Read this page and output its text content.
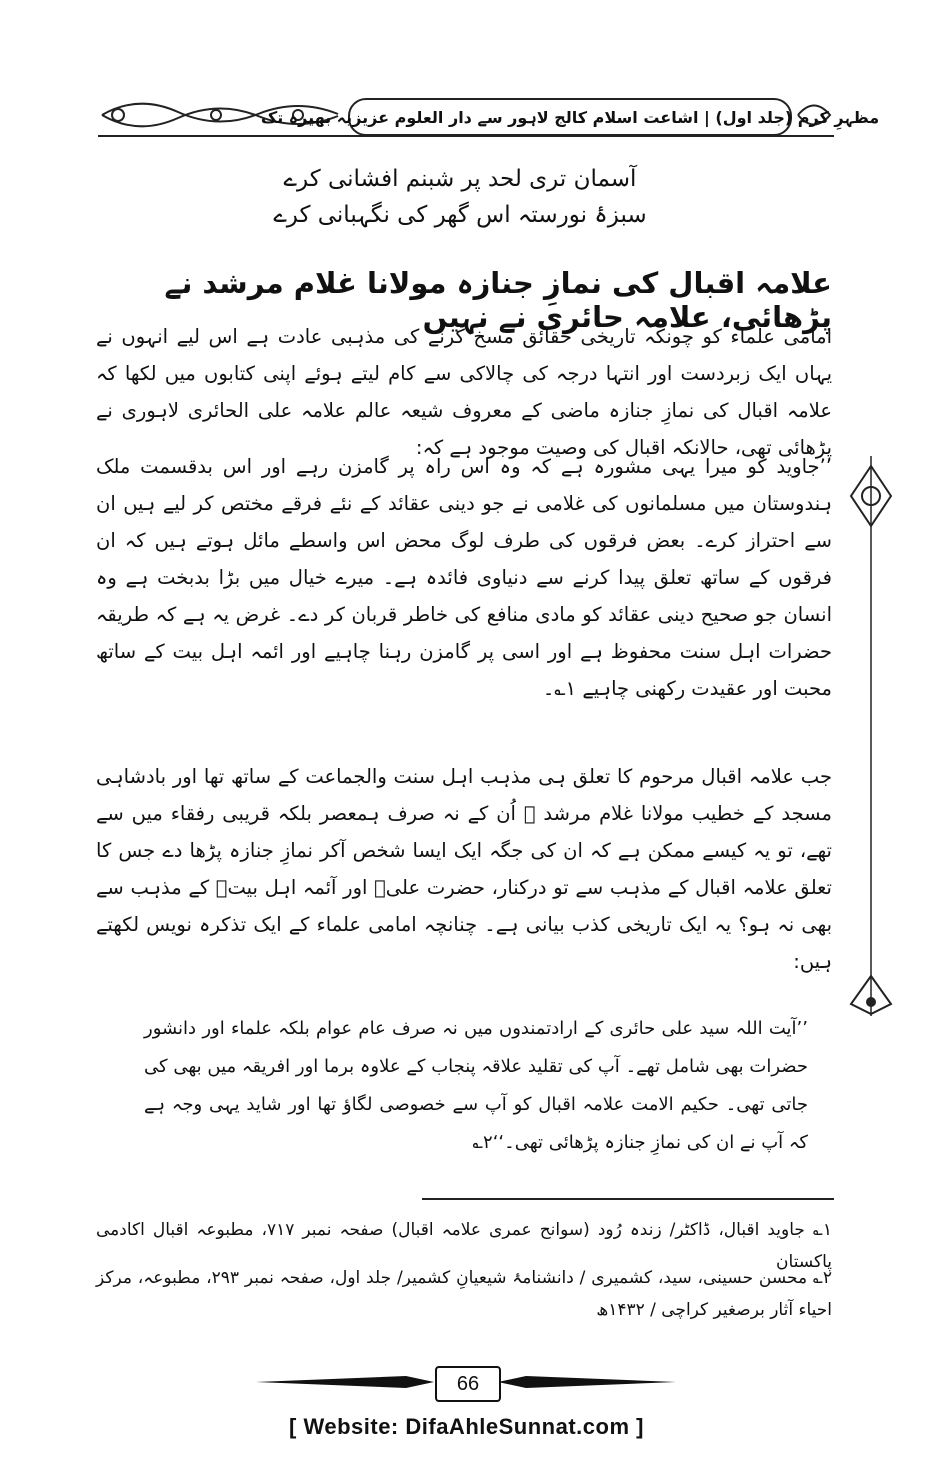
مظہرِ کرم (جلد اول) | اشاعت اسلام کالج لاہور سے دار العلوم عزیزیہ بھیرہ تک
آسمان تری لحد پر شبنم افشانی کرے
سبزۂ نورستہ اس گھر کی نگہبانی کرے
علامہ اقبال کی نمازِ جنازہ مولانا غلام مرشد نے پڑھائی، علامہ حائری نے نہیں
امامی علماء کو چونکہ تاریخی حقائق مسخ کرنے کی مذہبی عادت ہے اس لیے انہوں نے یہاں ایک زبردست اور انتہا درجہ کی چالاکی سے کام لیتے ہوئے اپنی کتابوں میں لکھا کہ علامہ اقبال کی نمازِ جنازہ ماضی کے معروف شیعہ عالم علامہ علی الحائری لاہوری نے پڑھائی تھی، حالانکہ اقبال کی وصیت موجود ہے کہ:
’’جاوید کو میرا یہی مشورہ ہے کہ وہ اس راہ پر گامزن رہے اور اس بدقسمت ملک ہندوستان میں مسلمانوں کی غلامی نے جو دینی عقائد کے نئے فرقے مختص کر لیے ہیں ان سے احتراز کرے۔ بعض فرقوں کی طرف لوگ محض اس واسطے مائل ہوتے ہیں کہ ان فرقوں کے ساتھ تعلق پیدا کرنے سے دنیاوی فائدہ ہے۔ میرے خیال میں بڑا بدبخت ہے وہ انسان جو صحیح دینی عقائد کو مادی منافع کی خاطر قربان کر دے۔ غرض یہ ہے کہ طریقہ حضرات اہل سنت محفوظ ہے اور اسی پر گامزن رہنا چاہیے اور ائمہ اہل بیت کے ساتھ محبت اور عقیدت رکھنی چاہیے ۱؎۔
جب علامہ اقبال مرحوم کا تعلق ہی مذہب اہل سنت والجماعت کے ساتھ تھا اور بادشاہی مسجد کے خطیب مولانا غلام مرشد ؒ اُن کے نہ صرف ہمعصر بلکہ قریبی رفقاء میں سے تھے، تو یہ کیسے ممکن ہے کہ ان کی جگہ ایک ایسا شخص آکر نمازِ جنازہ پڑھا دے جس کا تعلق علامہ اقبال کے مذہب سے تو درکنار، حضرت علیؓ اور آئمہ اہل بیتؑ کے مذہب سے بھی نہ ہو؟ یہ ایک تاریخی کذب بیانی ہے۔ چنانچہ امامی علماء کے ایک تذکرہ نویس لکھتے ہیں:
’’آیت اللہ سید علی حائری کے ارادتمندوں میں نہ صرف عام عوام بلکہ علماء اور دانشور حضرات بھی شامل تھے۔ آپ کی تقلید علاقہ پنجاب کے علاوہ برما اور افریقہ میں بھی کی جاتی تھی۔ حکیم الامت علامہ اقبال کو آپ سے خصوصی لگاؤ تھا اور شاید یہی وجہ ہے کہ آپ نے ان کی نمازِ جنازہ پڑھائی تھی۔‘‘۲؎
۱؎ جاوید اقبال، ڈاکٹر/ زندہ رُود (سوانح عمری علامہ اقبال) صفحہ نمبر ۷۱۷، مطبوعہ اقبال اکادمی پاکستان
۲؎ محسن حسینی، سید، کشمیری / دانشنامۂ شیعیانِ کشمیر/ جلد اول، صفحہ نمبر ۲۹۳، مطبوعہ، مرکز احیاء آثار برصغیر کراچی / ۱۴۳۲ھ
66
[ Website: DifaAhleSunnat.com ]
